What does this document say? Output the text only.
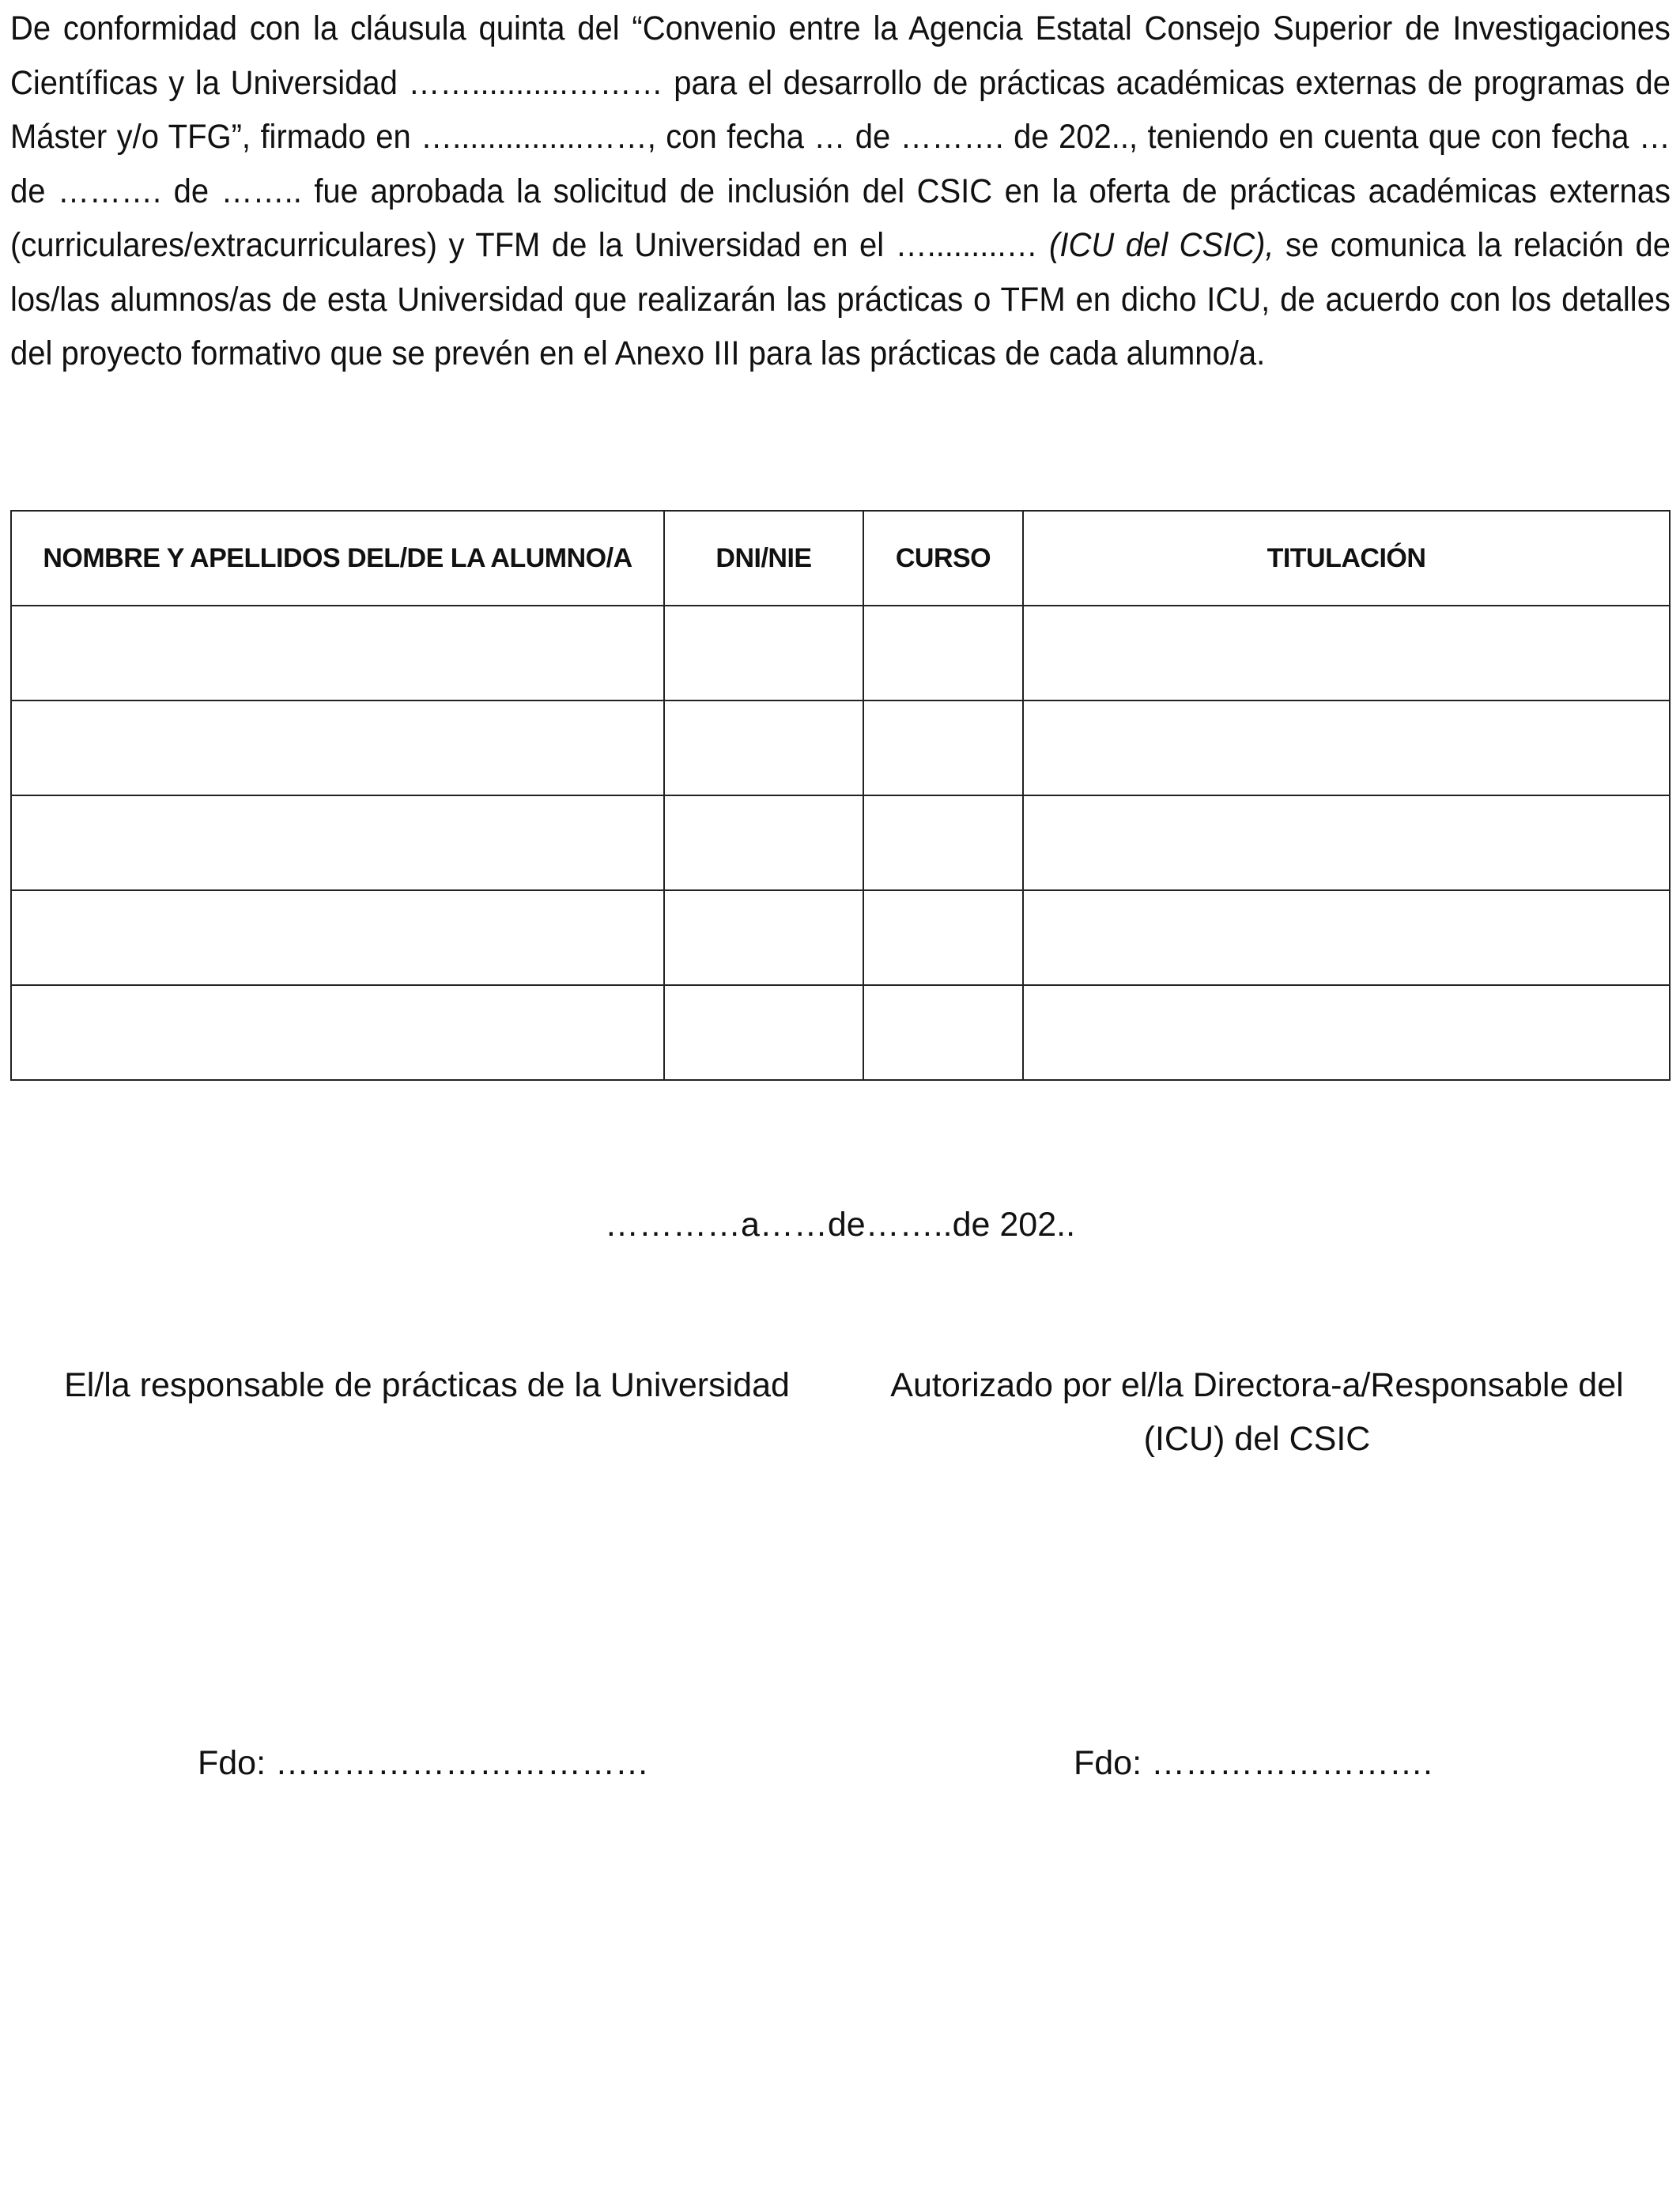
De conformidad con la cláusula quinta del “Convenio entre la Agencia Estatal Consejo Superior de Investigaciones Científicas y la Universidad ……...........……… para el desarrollo de prácticas académicas externas de programas de Máster y/o TFG”, firmado en …...............……, con fecha … de ………. de 202.., teniendo en cuenta que con fecha … de ………. de …….. fue aprobada la solicitud de inclusión del CSIC en la oferta de prácticas académicas externas (curriculares/extracurriculares) y TFM de la Universidad en el ….........… (ICU del CSIC), se comunica la relación de los/las alumnos/as de esta Universidad que realizarán las prácticas o TFM en dicho ICU, de acuerdo con los detalles del proyecto formativo que se prevén en el Anexo III para las prácticas de cada alumno/a.

NOMBRE Y APELLIDOS DEL/DE LA ALUMNO/A	DNI/NIE	CURSO	TITULACIÓN

…………a……de……..de 202..
El/la responsable de prácticas de la Universidad	Autorizado por el/la Directora-a/Responsable del
(ICU) del CSIC
Fdo: ……………………………	Fdo: …………………….
